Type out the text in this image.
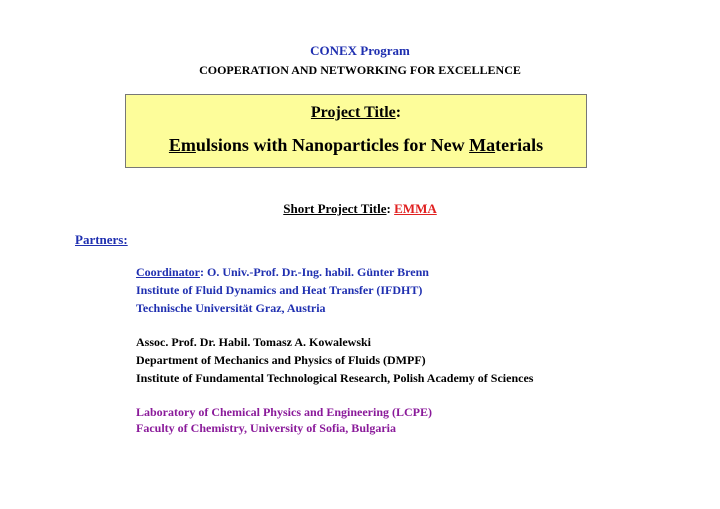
CONEX Program
COOPERATION AND NETWORKING FOR EXCELLENCE
Project Title:
Emulsions with Nanoparticles for New Materials
Short Project Title: EMMA
Partners:
Coordinator: O. Univ.-Prof. Dr.-Ing. habil. Günter Brenn
Institute of Fluid Dynamics and Heat Transfer (IFDHT)
Technische Universität Graz, Austria
Assoc. Prof. Dr. Habil. Tomasz A. Kowalewski
Department of Mechanics and Physics of Fluids (DMPF)
Institute of Fundamental Technological Research, Polish Academy of Sciences
Laboratory of Chemical Physics and Engineering (LCPE)
Faculty of Chemistry, University of Sofia, Bulgaria
